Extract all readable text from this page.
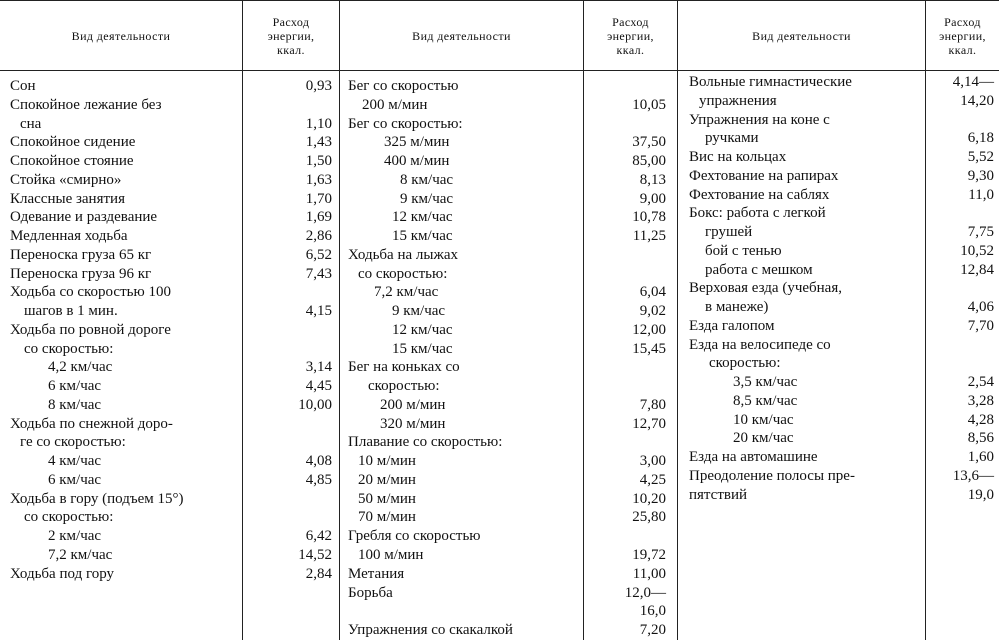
Вид деятельности
Расход
энергии,
ккал.
Вид деятельности
Расход
энергии,
ккал.
Вид деятельности
Расход
энергии,
ккал.
Сон	0,93
Спокойное лежание без
сна	1,10
Спокойное сидение	1,43
Спокойное стояние	1,50
Стойка «смирно»	1,63
Классные занятия	1,70
Одевание и раздевание	1,69
Медленная ходьба	2,86
Переноска груза 65 кг	6,52
Переноска груза 96 кг	7,43
Ходьба со скоростью 100
шагов в 1 мин.	4,15
Ходьба по ровной дороге
со скоростью:
4,2 км/час	3,14
6 км/час	4,45
8 км/час	10,00
Ходьба по снежной доро-
ге со скоростью:
4 км/час	4,08
6 км/час	4,85
Ходьба в гору (подъем 15°)
со скоростью:
2 км/час	6,42
7,2 км/час	14,52
Ходьба под гору	2,84
Бег со скоростью
200 м/мин	10,05
Бег со скоростью:
325 м/мин	37,50
400 м/мин	85,00
8 км/час	8,13
9 км/час	9,00
12 км/час	10,78
15 км/час	11,25
Ходьба на лыжах
со скоростью:
7,2 км/час	6,04
9 км/час	9,02
12 км/час	12,00
15 км/час	15,45
Бег на коньках со
скоростью:
200 м/мин	7,80
320 м/мин	12,70
Плавание со скоростью:
10 м/мин	3,00
20 м/мин	4,25
50 м/мин	10,20
70 м/мин	25,80
Гребля со скоростью
100 м/мин	19,72
Метания	11,00
Борьба	12,0—
16,0
Упражнения со скакалкой	7,20
Вольные гимнастические	4,14—
упражнения	14,20
Упражнения на коне с
ручками	6,18
Вис на кольцах	5,52
Фехтование на рапирах	9,30
Фехтование на саблях	11,0
Бокс: работа с легкой
грушей	7,75
бой с тенью	10,52
работа с мешком	12,84
Верховая езда (учебная,
в манеже)	4,06
Езда галопом	7,70
Езда на велосипеде со
скоростью:
3,5 км/час	2,54
8,5 км/час	3,28
10 км/час	4,28
20 км/час	8,56
Езда на автомашине	1,60
Преодоление полосы пре-	13,6—
пятствий	19,0
